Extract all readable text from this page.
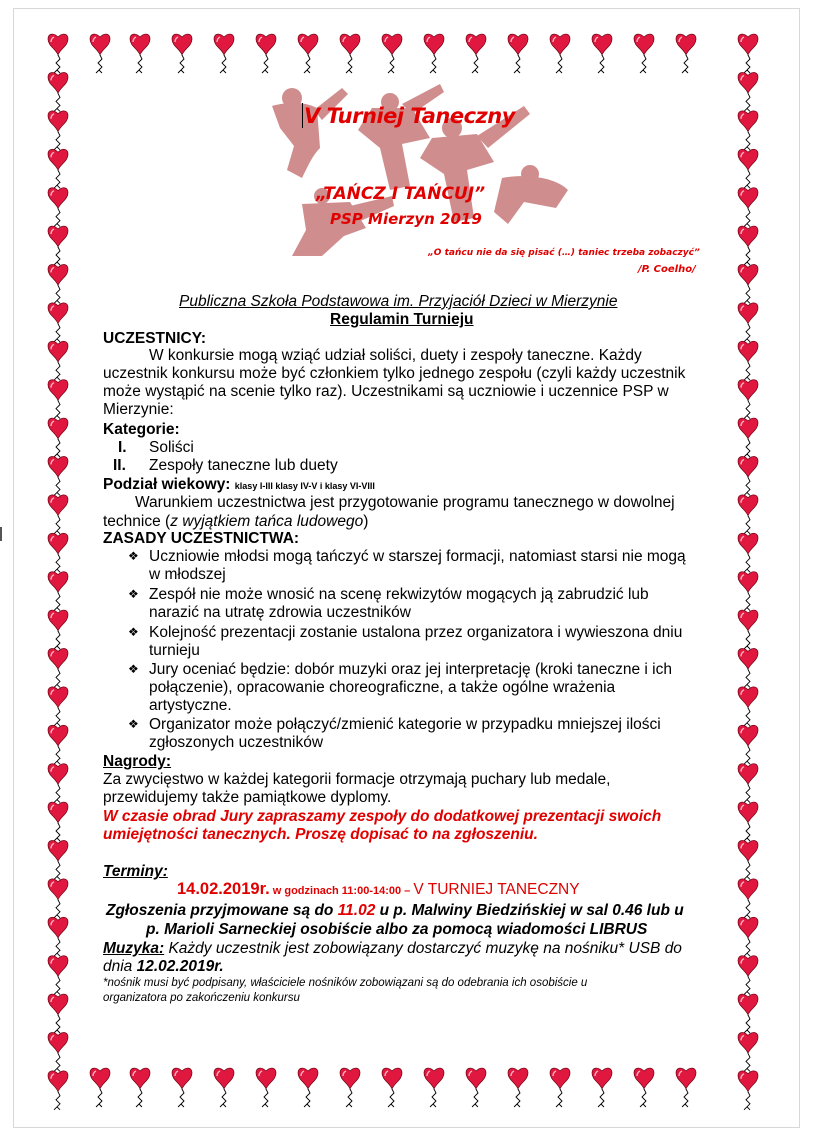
V Turniej Taneczny
„TAŃCZ I TAŃCUJ”
PSP Mierzyn 2019
„O tańcu nie da się pisać (…) taniec trzeba zobaczyć”
/P. Coelho/
Publiczna Szkoła Podstawowa im. Przyjaciół Dzieci w Mierzynie
Regulamin Turnieju
UCZESTNICY:
W konkursie mogą wziąć udział soliści, duety i zespoły taneczne. Każdy
uczestnik konkursu może być członkiem tylko jednego zespołu (czyli każdy uczestnik
może wystąpić na scenie tylko raz). Uczestnikami są uczniowie i uczennice PSP w
Mierzynie:
Kategorie:
I. Soliści
II. Zespoły taneczne lub duety
Podział wiekowy: klasy I-III klasy IV-V i klasy VI-VIII
Warunkiem uczestnictwa jest przygotowanie programu tanecznego w dowolnej
technice (z wyjątkiem tańca ludowego)
ZASADY UCZESTNICTWA:
❖ Uczniowie młodsi mogą tańczyć w starszej formacji, natomiast starsi nie mogą
w młodszej
❖ Zespół nie może wnosić na scenę rekwizytów mogących ją zabrudzić lub
narazić na utratę zdrowia uczestników
❖ Kolejność prezentacji zostanie ustalona przez organizatora i wywieszona dniu
turnieju
❖ Jury oceniać będzie: dobór muzyki oraz jej interpretację (kroki taneczne i ich
połączenie), opracowanie choreograficzne, a także ogólne wrażenia
artystyczne.
❖ Organizator może połączyć/zmienić kategorie w przypadku mniejszej ilości
zgłoszonych uczestników
Nagrody:
Za zwycięstwo w każdej kategorii formacje otrzymają puchary lub medale,
przewidujemy także pamiątkowe dyplomy.
W czasie obrad Jury zapraszamy zespoły do dodatkowej prezentacji swoich
umiejętności tanecznych. Proszę dopisać to na zgłoszeniu.
Terminy:
14.02.2019r. w godzinach 11:00-14:00 – V TURNIEJ TANECZNY
Zgłoszenia przyjmowane są do 11.02 u p. Malwiny Biedzińskiej w sal 0.46 lub u
p. Marioli Sarneckiej osobiście albo za pomocą wiadomości LIBRUS
Muzyka: Każdy uczestnik jest zobowiązany dostarczyć muzykę na nośniku* USB do
dnia 12.02.2019r.
*nośnik musi być podpisany, właściciele nośników zobowiązani są do odebrania ich osobiście u
organizatora po zakończeniu konkursu
